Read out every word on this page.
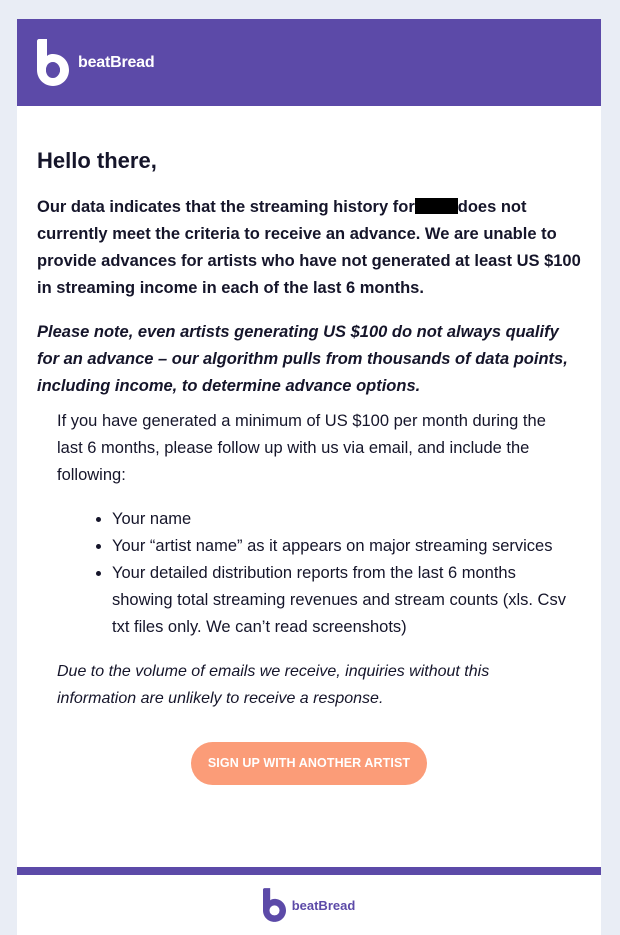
beatBread
Hello there,

Our data indicates that the streaming history for	does not currently meet the criteria to receive an advance. We are unable to provide advances for artists who have not generated at least US $100 in streaming income in each of the last 6 months.

Please note, even artists generating US $100 do not always qualify for an advance – our algorithm pulls from thousands of data points, including income, to determine advance options.

If you have generated a minimum of US $100 per month during the last 6 months, please follow up with us via email, and include the following:

• Your name
• Your “artist name” as it appears on major streaming services
• Your detailed distribution reports from the last 6 months showing total streaming revenues and stream counts (xls. Csv txt files only. We can’t read screenshots)

Due to the volume of emails we receive, inquiries without this information are unlikely to receive a response.

SIGN UP WITH ANOTHER ARTIST
beatBread
